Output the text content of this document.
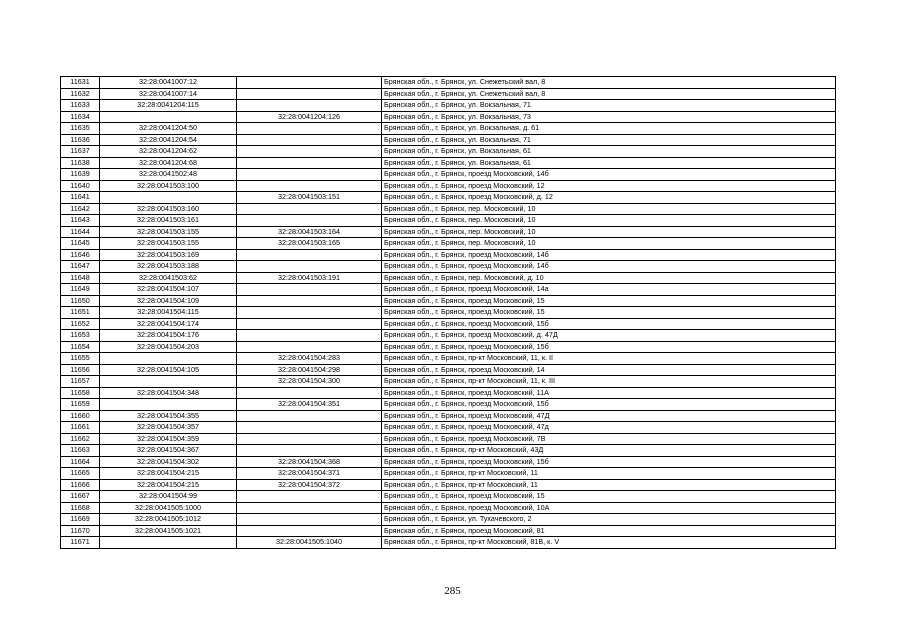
11631	32:28:0041007:12		Брянская обл., г. Брянск, ул. Снежетьский вал, 8
11632	32:28:0041007:14		Брянская обл., г. Брянск, ул. Снежетьский вал, 8
11633	32:28:0041204:115		Брянская обл., г. Брянск, ул. Вокзальная, 71
11634		32:28:0041204:126	Брянская обл., г. Брянск, ул. Вокзальная, 73
11635	32:28:0041204:50		Брянская обл., г. Брянск, ул. Вокзальная, д. 61
11636	32:28:0041204:54		Брянская обл., г. Брянск, ул. Вокзальная, 71
11637	32:28:0041204:62		Брянская обл., г. Брянск, ул. Вокзальная, 61
11638	32:28:0041204:68		Брянская обл., г. Брянск, ул. Вокзальная, 61
11639	32:28:0041502:48		Брянская обл., г. Брянск, проезд Московский, 14б
11640	32:28:0041503:100		Брянская обл., г. Брянск, проезд Московский, 12
11641		32:28:0041503:151	Брянская обл., г. Брянск, проезд Московский, д. 12
11642	32:28:0041503:160		Брянская обл., г. Брянск, пер. Московский, 10
11643	32:28:0041503:161		Брянская обл., г. Брянск, пер. Московский, 10
11644	32:28:0041503:155	32:28:0041503:164	Брянская обл., г. Брянск, пер. Московский, 10
11645	32:28:0041503:155	32:28:0041503:165	Брянская обл., г. Брянск, пер. Московский, 10
11646	32:28:0041503:169		Брянская обл., г. Брянск, проезд Московский, 14б
11647	32:28:0041503:188		Брянская обл., г. Брянск, проезд Московский, 14б
11648	32:28:0041503:62	32:28:0041503:191	Брянская обл., г. Брянск, пер. Московский, д. 10
11649	32:28:0041504:107		Брянская обл., г. Брянск, проезд Московский, 14а
11650	32:28:0041504:109		Брянская обл., г. Брянск, проезд Московский, 15
11651	32:28:0041504:115		Брянская обл., г. Брянск, проезд Московский, 15
11652	32:28:0041504:174		Брянская обл., г. Брянск, проезд Московский, 15б
11653	32:28:0041504:176		Брянская обл., г. Брянск, проезд Московский, д. 47Д
11654	32:28:0041504:203		Брянская обл., г. Брянск, проезд Московский, 15б
11655		32:28:0041504:283	Брянская обл., г. Брянск, пр-кт Московский, 11, к. II
11656	32:28:0041504:105	32:28:0041504:298	Брянская обл., г. Брянск, проезд Московский, 14
11657		32:28:0041504:300	Брянская обл., г. Брянск, пр-кт Московский, 11, к. III
11658	32:28:0041504:348		Брянская обл., г. Брянск, проезд Московский, 11А
11659		32:28:0041504:351	Брянская обл., г. Брянск, проезд Московский, 15б
11660	32:28:0041504:355		Брянская обл., г. Брянск, проезд Московский, 47Д
11661	32:28:0041504:357		Брянская обл., г. Брянск, проезд Московский, 47д
11662	32:28:0041504:359		Брянская обл., г. Брянск, проезд Московский, 7В
11663	32:28:0041504:367		Брянская обл., г. Брянск, пр-кт Московский, 43Д
11664	32:28:0041504:302	32:28:0041504:368	Брянская обл., г. Брянск, проезд Московский, 15б
11665	32:28:0041504:215	32:28:0041504:371	Брянская обл., г. Брянск, пр-кт Московский, 11
11666	32:28:0041504:215	32:28:0041504:372	Брянская обл., г. Брянск, пр-кт Московский, 11
11667	32:28:0041504:99		Брянская обл., г. Брянск, проезд Московский, 15
11668	32:28:0041505:1000		Брянская обл., г. Брянск, проезд Московский, 10А
11669	32:28:0041505:1012		Брянская обл., г. Брянск, ул. Тухачевского, 2
11670	32:28:0041505:1021		Брянская обл., г. Брянск, проезд Московский, 81
11671		32:28:0041505:1040	Брянская обл., г. Брянск, пр-кт Московский, 81В, к. V
285
